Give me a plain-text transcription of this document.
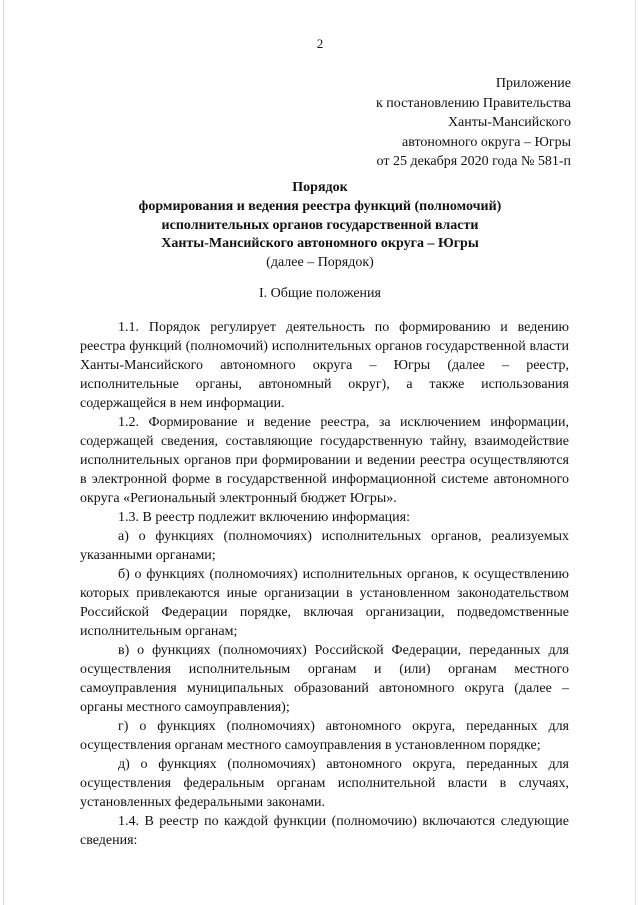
2
Приложение
к постановлению Правительства
Ханты-Мансийского
автономного округа – Югры
от 25 декабря 2020 года № 581-п
Порядок
формирования и ведения реестра функций (полномочий)
исполнительных органов государственной власти
Ханты-Мансийского автономного округа – Югры
(далее – Порядок)
I. Общие положения

1.1. Порядок регулирует деятельность по формированию и ведению реестра функций (полномочий) исполнительных органов государственной власти Ханты-Мансийского автономного округа – Югры (далее – реестр, исполнительные органы, автономный округ), а также использования содержащейся в нем информации.

1.2. Формирование и ведение реестра, за исключением информации, содержащей сведения, составляющие государственную тайну, взаимодействие исполнительных органов при формировании и ведении реестра осуществляются в электронной форме в государственной информационной системе автономного округа «Региональный электронный бюджет Югры».

1.3. В реестр подлежит включению информация:

а) о функциях (полномочиях) исполнительных органов, реализуемых указанными органами;

б) о функциях (полномочиях) исполнительных органов, к осуществлению которых привлекаются иные организации в установленном законодательством Российской Федерации порядке, включая организации, подведомственные исполнительным органам;

в) о функциях (полномочиях) Российской Федерации, переданных для осуществления исполнительным органам и (или) органам местного самоуправления муниципальных образований автономного округа (далее – органы местного самоуправления);

г) о функциях (полномочиях) автономного округа, переданных для осуществления органам местного самоуправления в установленном порядке;

д) о функциях (полномочиях) автономного округа, переданных для осуществления федеральным органам исполнительной власти в случаях, установленных федеральными законами.

1.4. В реестр по каждой функции (полномочию) включаются следующие сведения:
